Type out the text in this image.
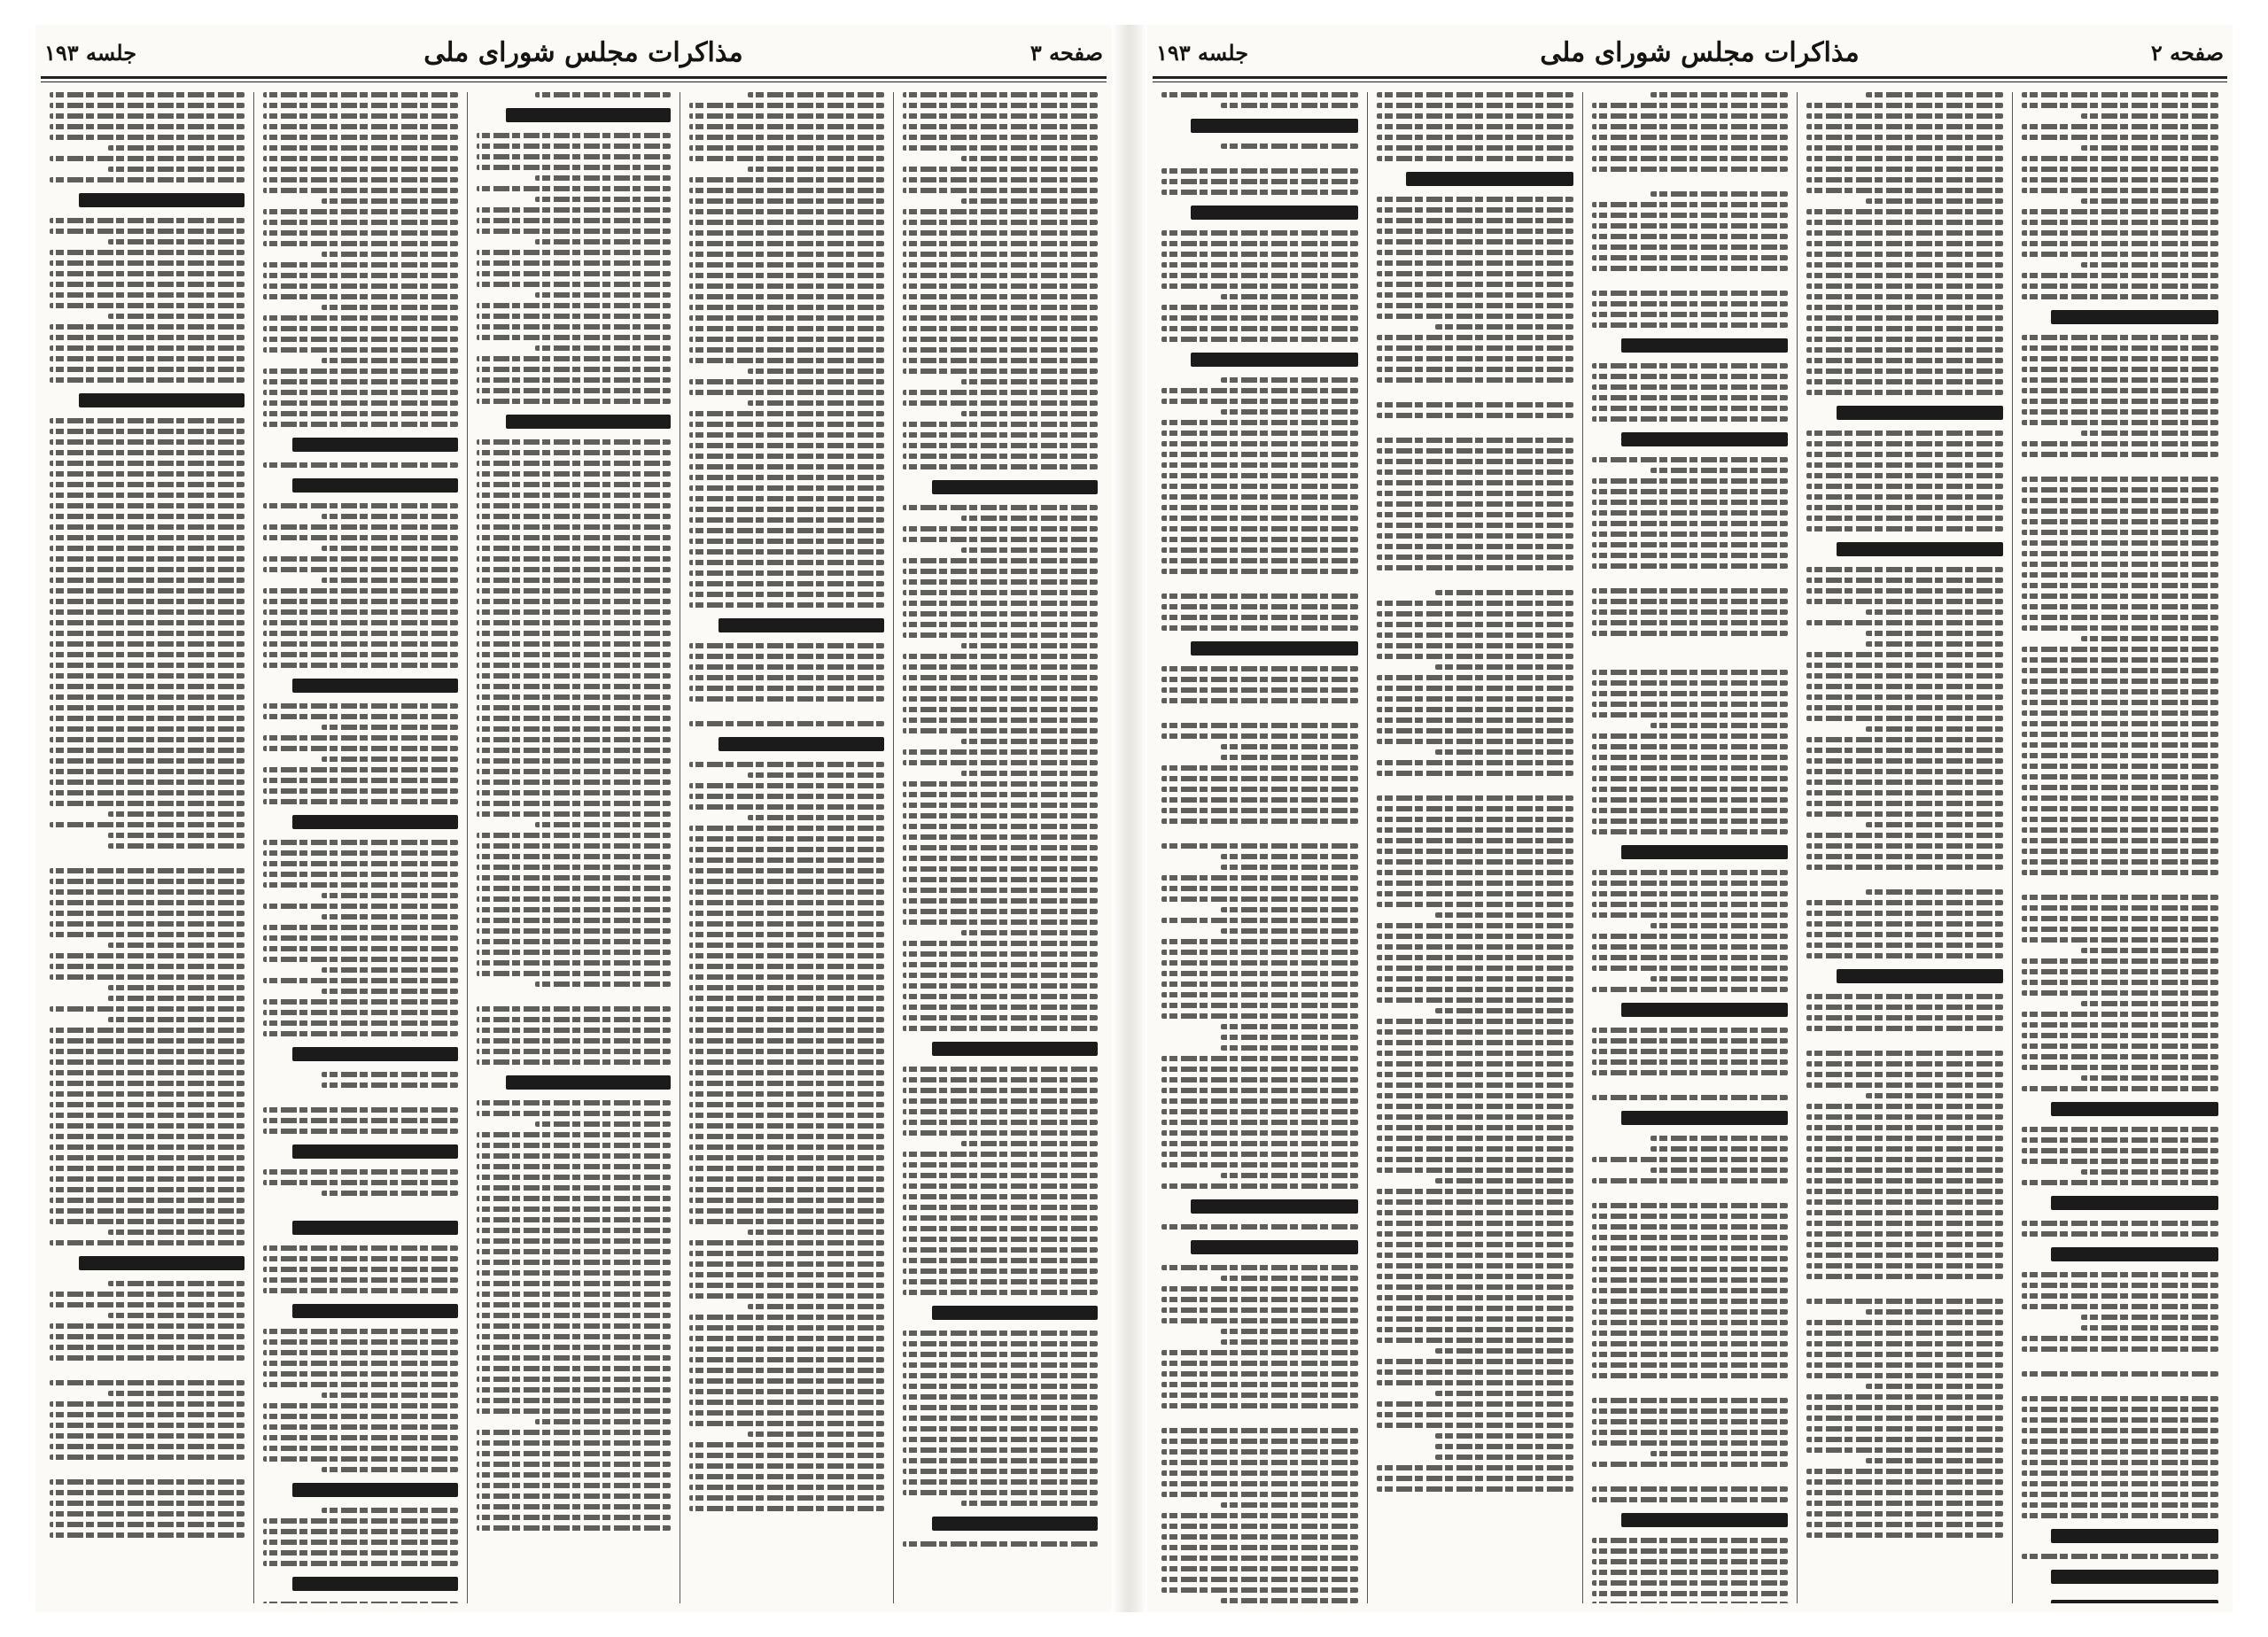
صفحه ۲
مذاکرات مجلس شورای ملی
جلسه ۱۹۳
صفحه ۳
مذاکرات مجلس شورای ملی
جلسه ۱۹۳
